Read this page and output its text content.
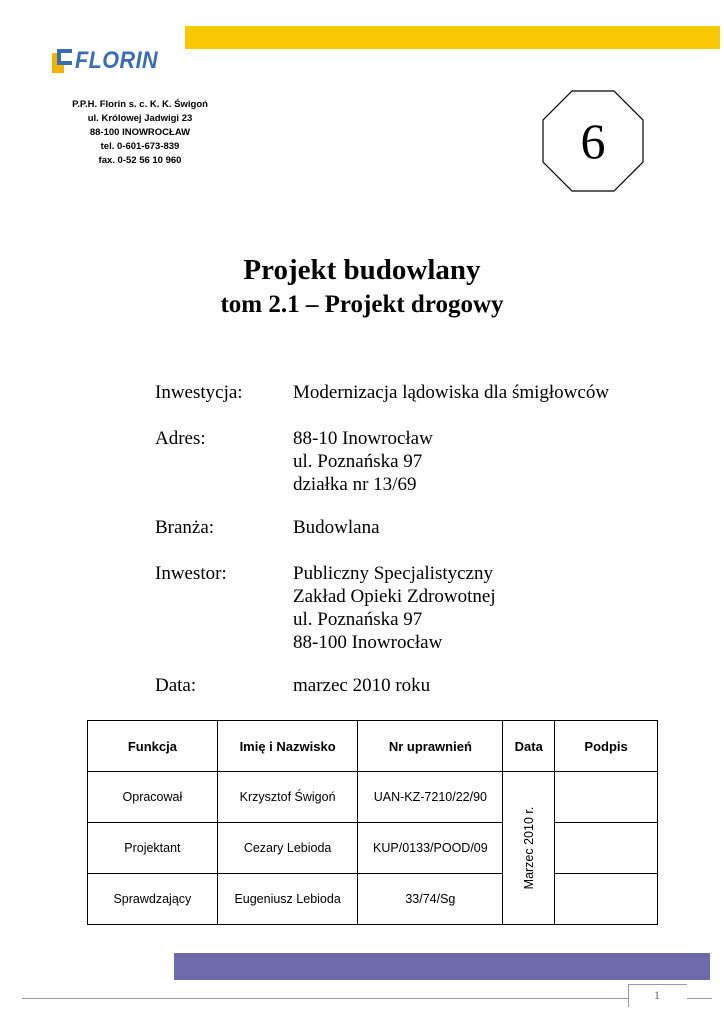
FLORIN
P.P.H. Florin s. c. K. K. Świgoń
ul. Królowej Jadwigi 23
88-100 INOWROCŁAW
tel. 0-601-673-839
fax. 0-52 56 10 960	6
Projekt budowlany
tom 2.1 – Projekt drogowy
Inwestycja:	Modernizacja lądowiska dla śmigłowców
Adres:	88-10 Inowrocław
ul. Poznańska 97
działka nr 13/69
Branża:	Budowlana
Inwestor:	Publiczny Specjalistyczny
Zakład Opieki Zdrowotnej
ul. Poznańska 97
88-100 Inowrocław
Data:	marzec 2010 roku
Funkcja	Imię i Nazwisko	Nr uprawnień	Data	Podpis
Opracował	Krzysztof Świgoń	UAN-KZ-7210/22/90	Marzec 2010 r.	

Projektant	Cezary Lebioda	KUP/0133/POOD/09		
Sprawdzający	Eugeniusz Lebioda	33/74/Sg		
1
